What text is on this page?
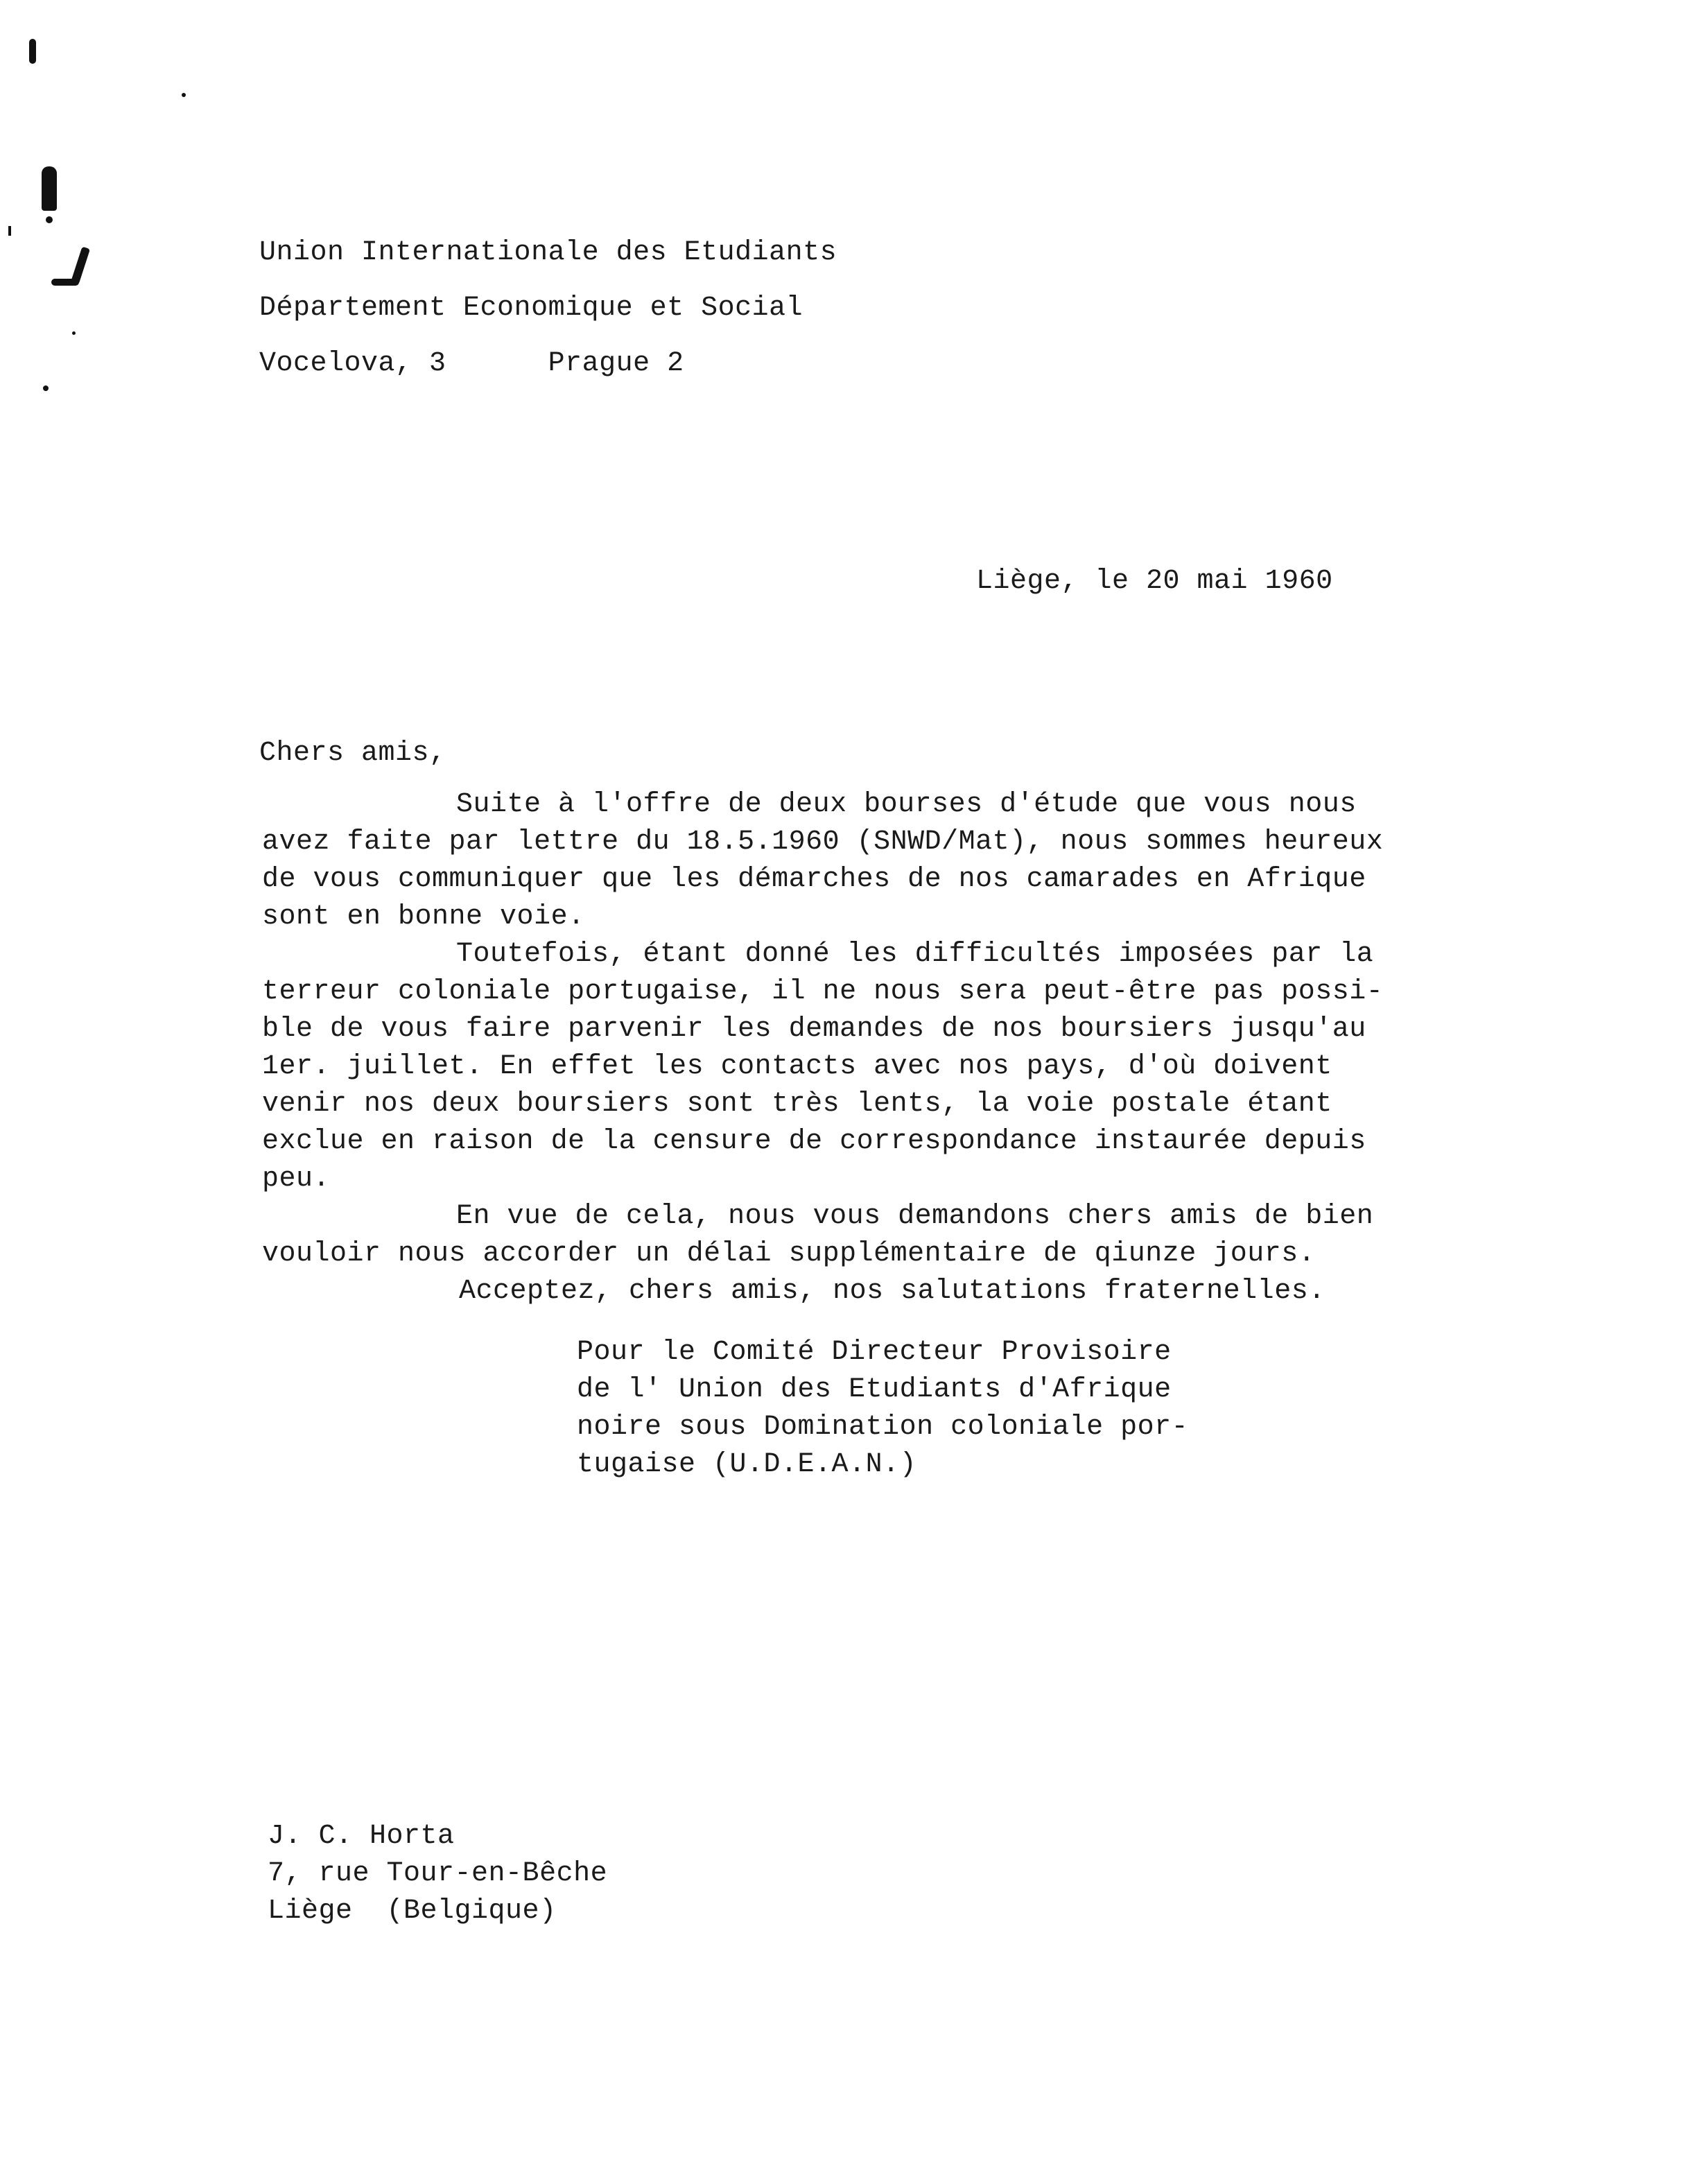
Union Internationale des Etudiants
Département Economique et Social
Vocelova, 3      Prague 2
Liège, le 20 mai 1960
Chers amis,
Suite à l'offre de deux bourses d'étude que vous nous
avez faite par lettre du 18.5.1960 (SNWD/Mat), nous sommes heureux
de vous communiquer que les démarches de nos camarades en Afrique
sont en bonne voie.
Toutefois, étant donné les difficultés imposées par la
terreur coloniale portugaise, il ne nous sera peut-être pas possi-
ble de vous faire parvenir les demandes de nos boursiers jusqu'au
1er. juillet. En effet les contacts avec nos pays, d'où doivent
venir nos deux boursiers sont très lents, la voie postale étant
exclue en raison de la censure de correspondance instaurée depuis
peu.
En vue de cela, nous vous demandons chers amis de bien
vouloir nous accorder un délai supplémentaire de qiunze jours.
Acceptez, chers amis, nos salutations fraternelles.
Pour le Comité Directeur Provisoire
de l' Union des Etudiants d'Afrique
noire sous Domination coloniale por-
tugaise (U.D.E.A.N.)
J. C. Horta
7, rue Tour-en-Bêche
Liège  (Belgique)
